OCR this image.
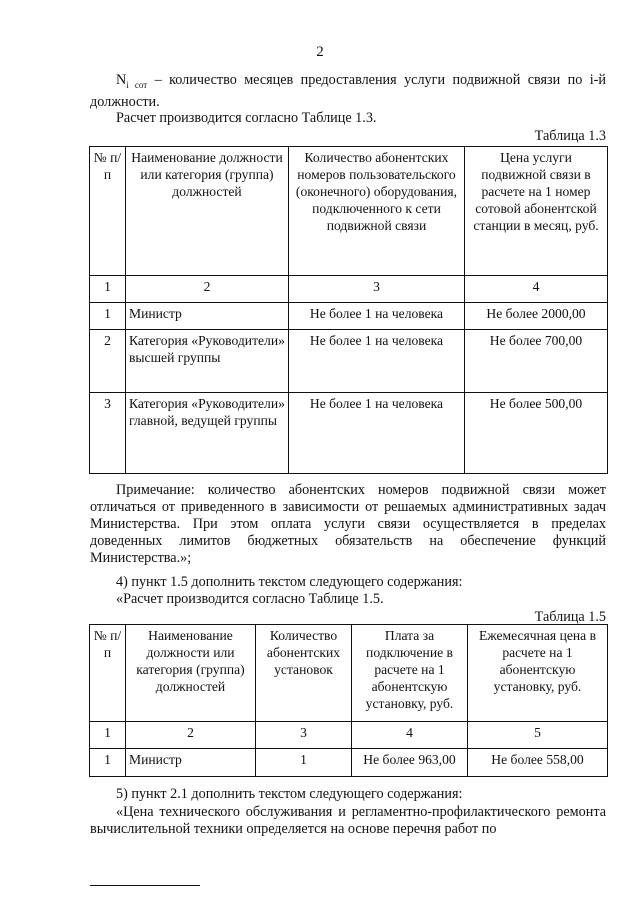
2
$N_{i сот}$ – количество месяцев предоставления услуги подвижной связи по i-й должности.
Расчет производится согласно Таблице 1.3.
Таблица 1.3
№ п/п	Наименование должности или категория (группа) должностей	Количество абонентских номеров пользовательского (оконечного) оборудования, подключенного к сети подвижной связи	Цена услуги подвижной связи в расчете на 1 номер сотовой абонентской станции в месяц, руб.
1	2	3	4
1	Министр	Не более 1 на человека	Не более 2000,00
2	Категория «Руководители» высшей группы	Не более 1 на человека	Не более 700,00
3	Категория «Руководители» главной, ведущей группы	Не более 1 на человека	Не более 500,00
Примечание: количество абонентских номеров подвижной связи может отличаться от приведенного в зависимости от решаемых административных задач Министерства. При этом оплата услуги связи осуществляется в пределах доведенных лимитов бюджетных обязательств на обеспечение функций Министерства.»;
4) пункт 1.5 дополнить текстом следующего содержания:
«Расчет производится согласно Таблице 1.5.
Таблица 1.5
№ п/п	Наименование должности или категория (группа) должностей	Количество абонентских установок	Плата за подключение в расчете на 1 абонентскую установку, руб.	Ежемесячная цена в расчете на 1 абонентскую установку, руб.
1	2	3	4	5
1	Министр	1	Не более 963,00	Не более 558,00
5) пункт 2.1 дополнить текстом следующего содержания:
«Цена технического обслуживания и регламентно-профилактического ремонта вычислительной техники определяется на основе перечня работ по
